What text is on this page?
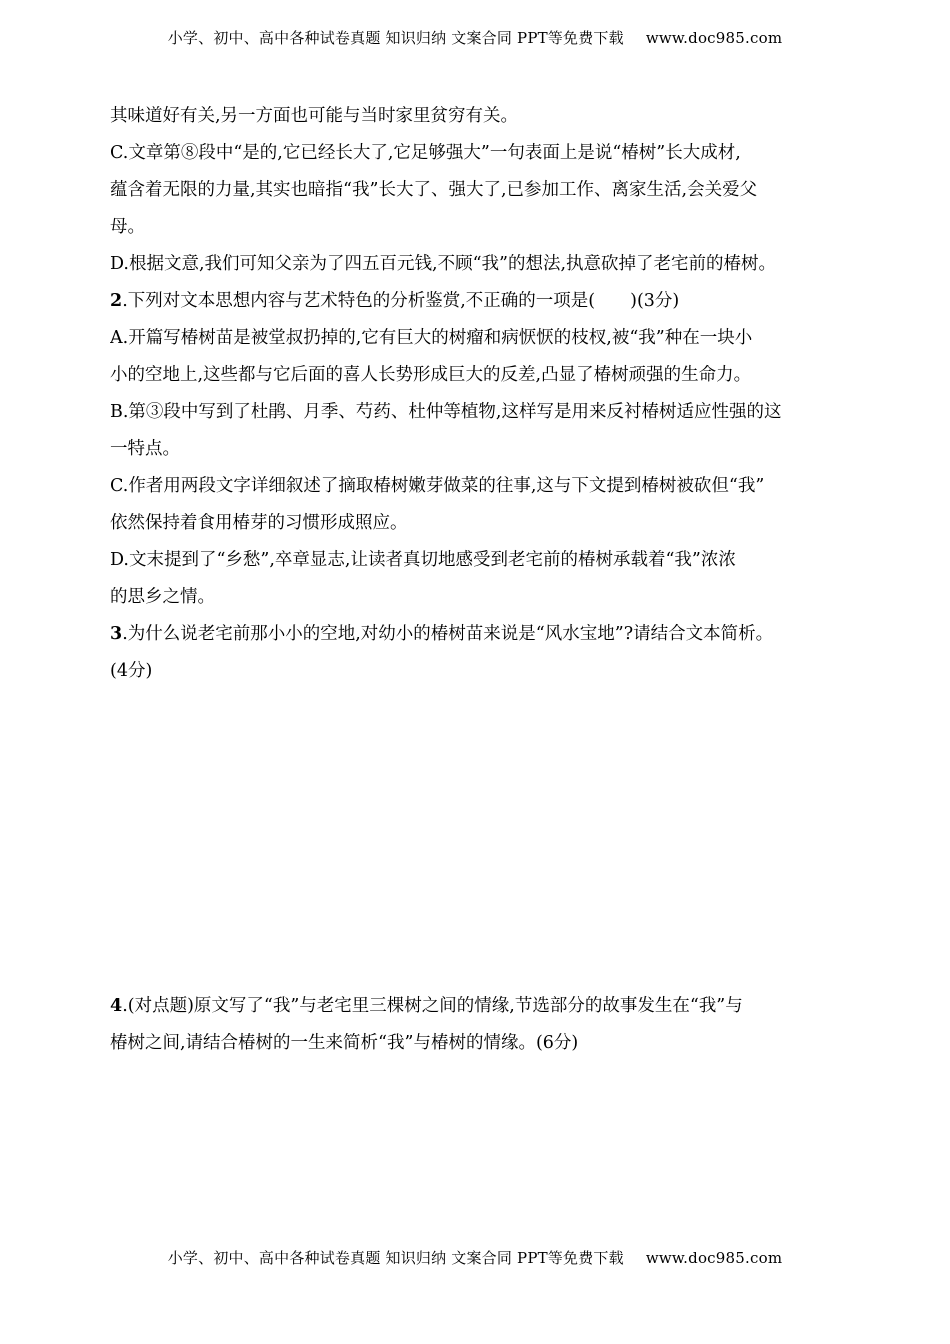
小学、初中、高中各种试卷真题 知识归纳 文案合同 PPT等免费下载 www.doc985.com
其味道好有关,另一方面也可能与当时家里贫穷有关。
C.文章第⑧段中“是的,它已经长大了,它足够强大”一句表面上是说“椿树”长大成材,
蕴含着无限的力量,其实也暗指“我”长大了、强大了,已参加工作、离家生活,会关爱父
母。
D.根据文意,我们可知父亲为了四五百元钱,不顾“我”的想法,执意砍掉了老宅前的椿树。
2.下列对文本思想内容与艺术特色的分析鉴赏,不正确的一项是(　　)(3分)
A.开篇写椿树苗是被堂叔扔掉的,它有巨大的树瘤和病恹恹的枝杈,被“我”种在一块小
小的空地上,这些都与它后面的喜人长势形成巨大的反差,凸显了椿树顽强的生命力。
B.第③段中写到了杜鹃、月季、芍药、杜仲等植物,这样写是用来反衬椿树适应性强的这
一特点。
C.作者用两段文字详细叙述了摘取椿树嫩芽做菜的往事,这与下文提到椿树被砍但“我”
依然保持着食用椿芽的习惯形成照应。
D.文末提到了“乡愁”,卒章显志,让读者真切地感受到老宅前的椿树承载着“我”浓浓
的思乡之情。
3.为什么说老宅前那小小的空地,对幼小的椿树苗来说是“风水宝地”?请结合文本简析。
(4分)
4.(对点题)原文写了“我”与老宅里三棵树之间的情缘,节选部分的故事发生在“我”与
椿树之间,请结合椿树的一生来简析“我”与椿树的情缘。(6分)
小学、初中、高中各种试卷真题 知识归纳 文案合同 PPT等免费下载 www.doc985.com
